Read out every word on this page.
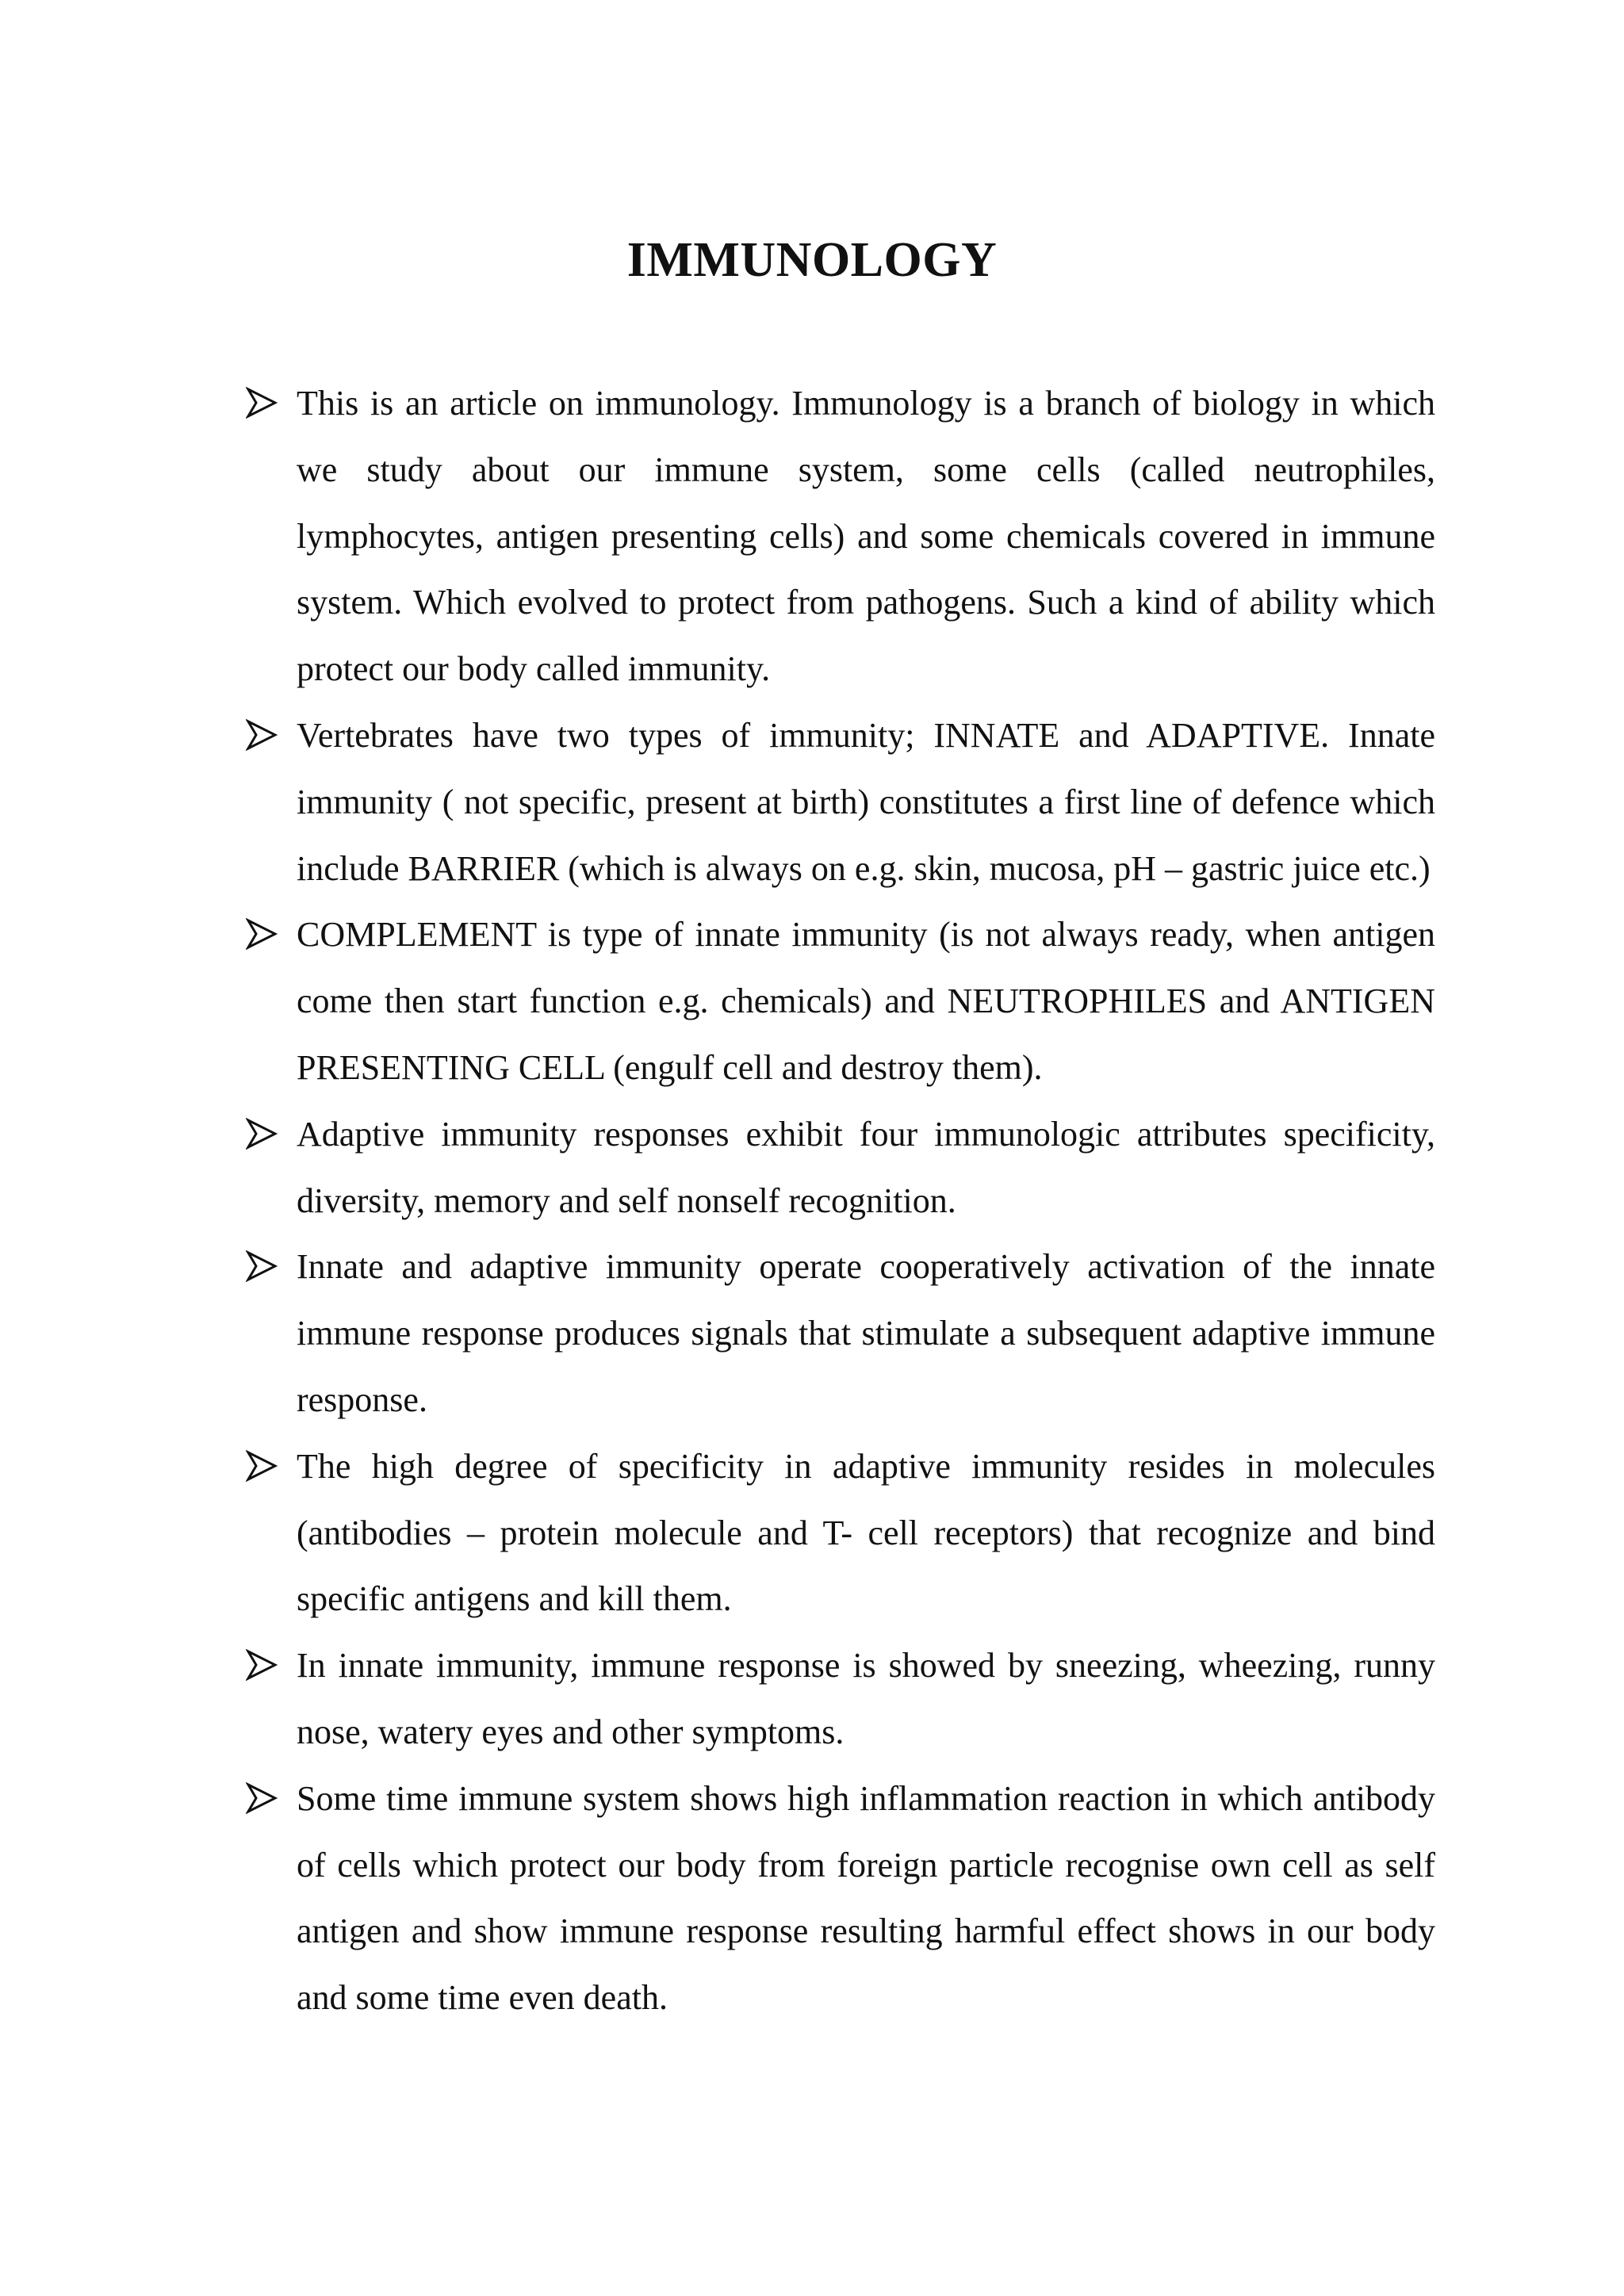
IMMUNOLOGY
This is an article on immunology. Immunology is a branch of biology in which we study about our immune system, some cells (called neutrophiles, lymphocytes, antigen presenting cells) and some chemicals covered in immune system. Which evolved to protect from pathogens. Such a kind of ability which protect our body called immunity.
Vertebrates have two types of immunity; INNATE and ADAPTIVE. Innate immunity ( not specific, present at birth) constitutes a first line of defence which include BARRIER (which is always on e.g. skin, mucosa, pH – gastric juice etc.)
COMPLEMENT is type of innate immunity (is not always ready, when antigen come then start function e.g. chemicals) and NEUTROPHILES and ANTIGEN PRESENTING CELL (engulf cell and destroy them).
Adaptive immunity responses exhibit four immunologic attributes specificity, diversity, memory and self nonself recognition.
Innate and adaptive immunity operate cooperatively activation of the innate immune response produces signals that stimulate a subsequent adaptive immune response.
The high degree of specificity in adaptive immunity resides in molecules (antibodies – protein molecule and T- cell receptors) that recognize and bind specific antigens and kill them.
In innate immunity, immune response is showed by sneezing, wheezing, runny nose, watery eyes and other symptoms.
Some time immune system shows high inflammation reaction in which antibody of cells which protect our body from foreign particle recognise own cell as self antigen and show immune response resulting harmful effect shows in our body and some time even death.
